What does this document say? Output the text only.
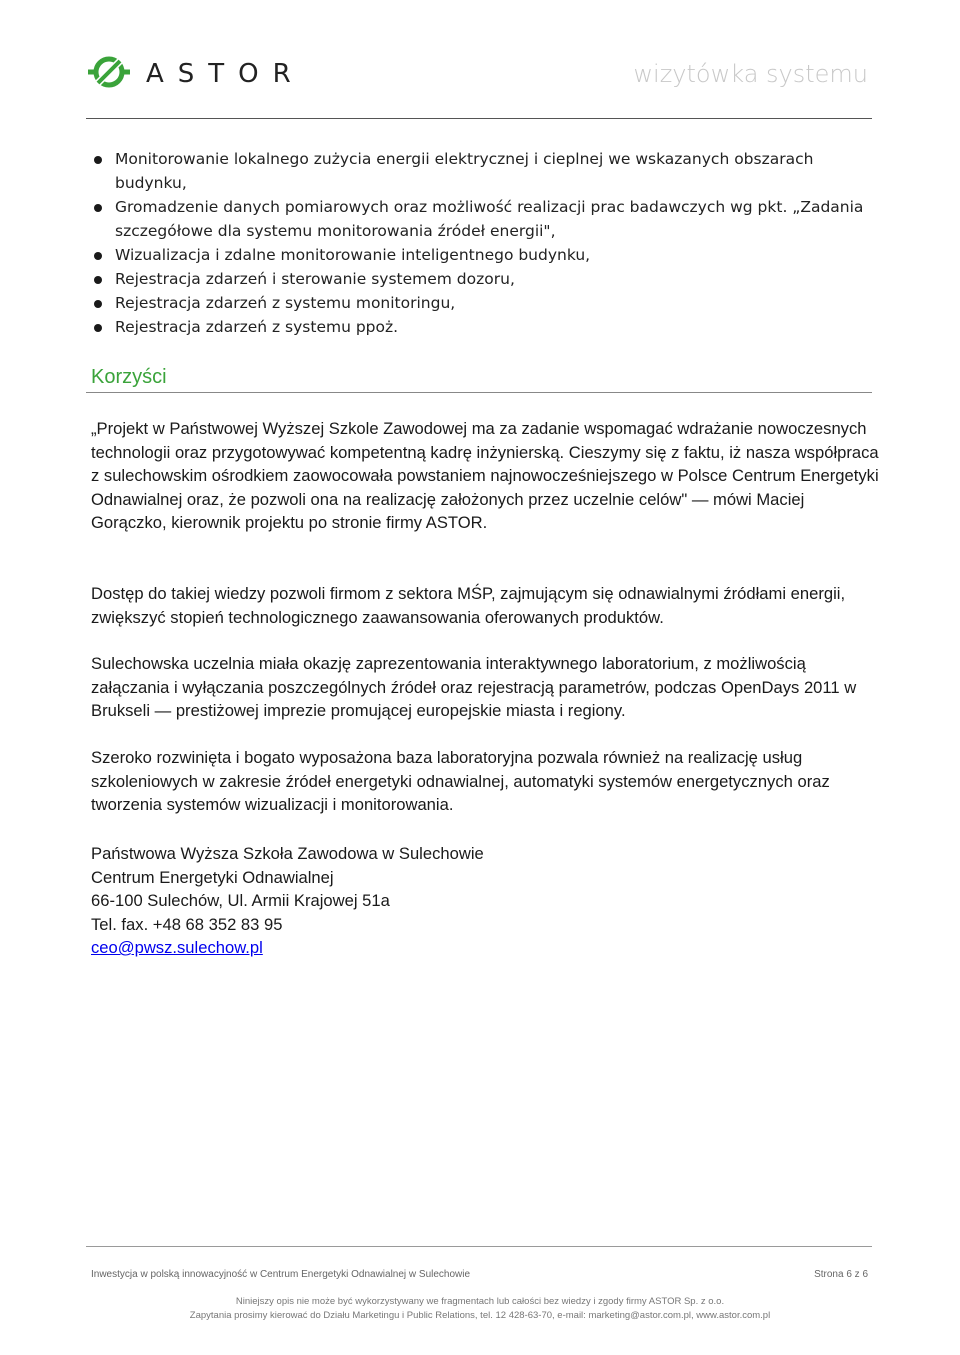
ASTOR	wizytówka systemu
Monitorowanie lokalnego zużycia energii elektrycznej i cieplnej we wskazanych obszarach budynku,
Gromadzenie danych pomiarowych oraz możliwość realizacji prac badawczych wg pkt. „Zadania szczegółowe dla systemu monitorowania źródeł energii",
Wizualizacja i zdalne monitorowanie inteligentnego budynku,
Rejestracja zdarzeń i sterowanie systemem dozoru,
Rejestracja zdarzeń z systemu monitoringu,
Rejestracja zdarzeń z systemu ppoż.
Korzyści

„Projekt w Państwowej Wyższej Szkole Zawodowej ma za zadanie wspomagać wdrażanie nowoczesnych technologii oraz przygotowywać kompetentną kadrę inżynierską. Cieszymy się z faktu, iż nasza współpraca z sulechowskim ośrodkiem zaowocowała powstaniem najnowocześniejszego w Polsce Centrum Energetyki Odnawialnej oraz, że pozwoli ona na realizację założonych przez uczelnie celów" — mówi Maciej Gorączko, kierownik projektu po stronie firmy ASTOR.

Dostęp do takiej wiedzy pozwoli firmom z sektora MŚP, zajmującym się odnawialnymi źródłami energii, zwiększyć stopień technologicznego zaawansowania oferowanych produktów.

Sulechowska uczelnia miała okazję zaprezentowania interaktywnego laboratorium, z możliwością załączania i wyłączania poszczególnych źródeł oraz rejestracją parametrów, podczas OpenDays 2011 w Brukseli — prestiżowej imprezie promującej europejskie miasta i regiony.

Szeroko rozwinięta i bogato wyposażona baza laboratoryjna pozwala również na realizację usług szkoleniowych w zakresie źródeł energetyki odnawialnej, automatyki systemów energetycznych oraz tworzenia systemów wizualizacji i monitorowania.

Państwowa Wyższa Szkoła Zawodowa w Sulechowie
Centrum Energetyki Odnawialnej
66-100 Sulechów, Ul. Armii Krajowej 51a
Tel. fax. +48 68 352 83 95
ceo@pwsz.sulechow.pl
Inwestycja w polską innowacyjność w Centrum Energetyki Odnawialnej w Sulechowie	Strona 6 z 6
Niniejszy opis nie może być wykorzystywany we fragmentach lub całości bez wiedzy i zgody firmy ASTOR Sp. z o.o.
Zapytania prosimy kierować do Działu Marketingu i Public Relations, tel. 12 428-63-70, e-mail: marketing@astor.com.pl, www.astor.com.pl
